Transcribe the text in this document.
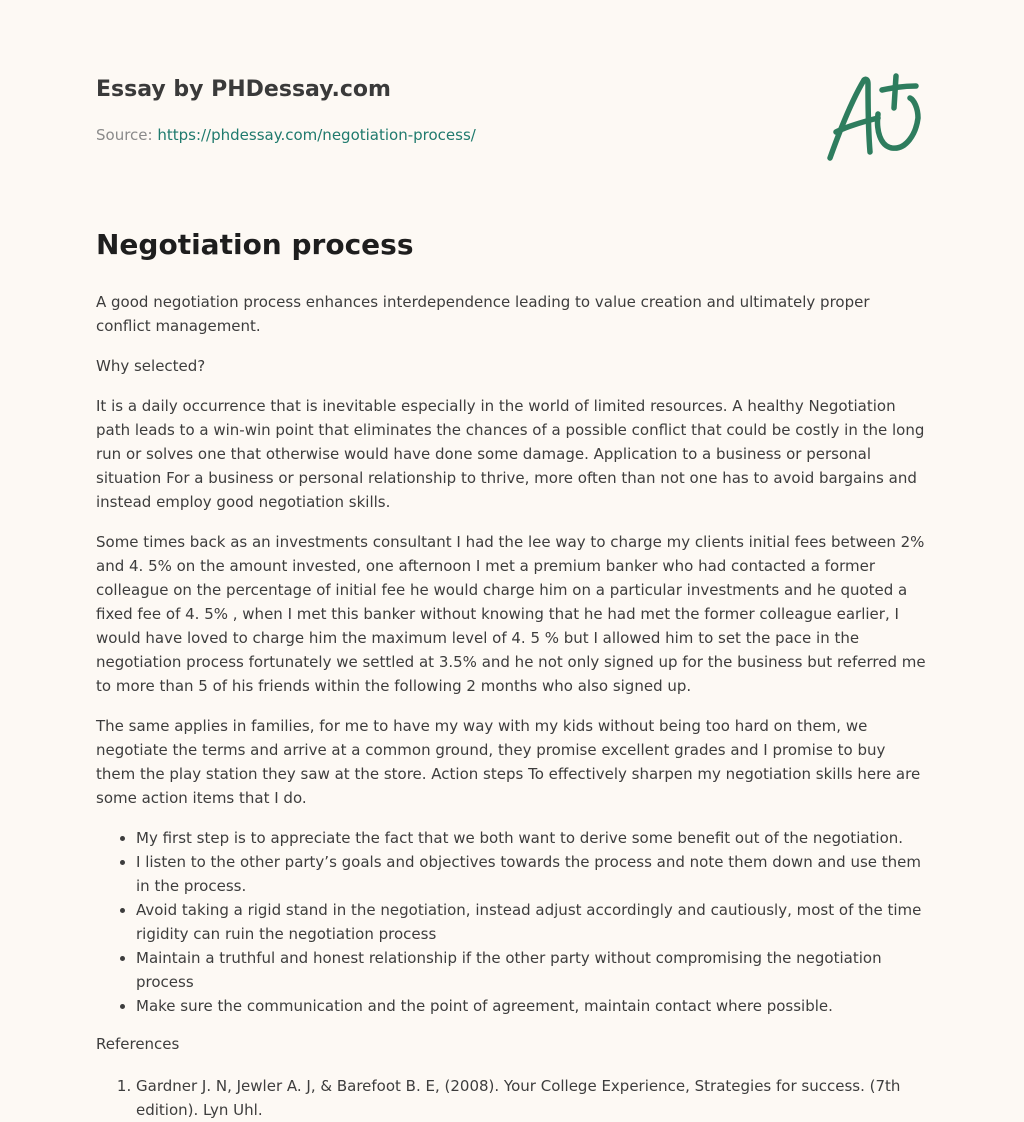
Essay by PHDessay.com
Source: https://phdessay.com/negotiation-process/
Negotiation process

A good negotiation process enhances interdependence leading to value creation and ultimately proper conflict management.

Why selected?

It is a daily occurrence that is inevitable especially in the world of limited resources. A healthy Negotiation path leads to a win-win point that eliminates the chances of a possible conflict that could be costly in the long run or solves one that otherwise would have done some damage. Application to a business or personal situation For a business or personal relationship to thrive, more often than not one has to avoid bargains and instead employ good negotiation skills.

Some times back as an investments consultant I had the lee way to charge my clients initial fees between 2% and 4. 5% on the amount invested, one afternoon I met a premium banker who had contacted a former colleague on the percentage of initial fee he would charge him on a particular investments and he quoted a fixed fee of 4. 5% , when I met this banker without knowing that he had met the former colleague earlier, I would have loved to charge him the maximum level of 4. 5 % but I allowed him to set the pace in the negotiation process fortunately we settled at 3.5% and he not only signed up for the business but referred me to more than 5 of his friends within the following 2 months who also signed up.

The same applies in families, for me to have my way with my kids without being too hard on them, we negotiate the terms and arrive at a common ground, they promise excellent grades and I promise to buy them the play station they saw at the store. Action steps To effectively sharpen my negotiation skills here are some action items that I do.

• My first step is to appreciate the fact that we both want to derive some benefit out of the negotiation.
• I listen to the other party’s goals and objectives towards the process and note them down and use them in the process.
• Avoid taking a rigid stand in the negotiation, instead adjust accordingly and cautiously, most of the time rigidity can ruin the negotiation process
• Maintain a truthful and honest relationship if the other party without compromising the negotiation process
• Make sure the communication and the point of agreement, maintain contact where possible.

References

1. Gardner J. N, Jewler A. J, & Barefoot B. E, (2008). Your College Experience, Strategies for success. (7th edition). Lyn Uhl.
